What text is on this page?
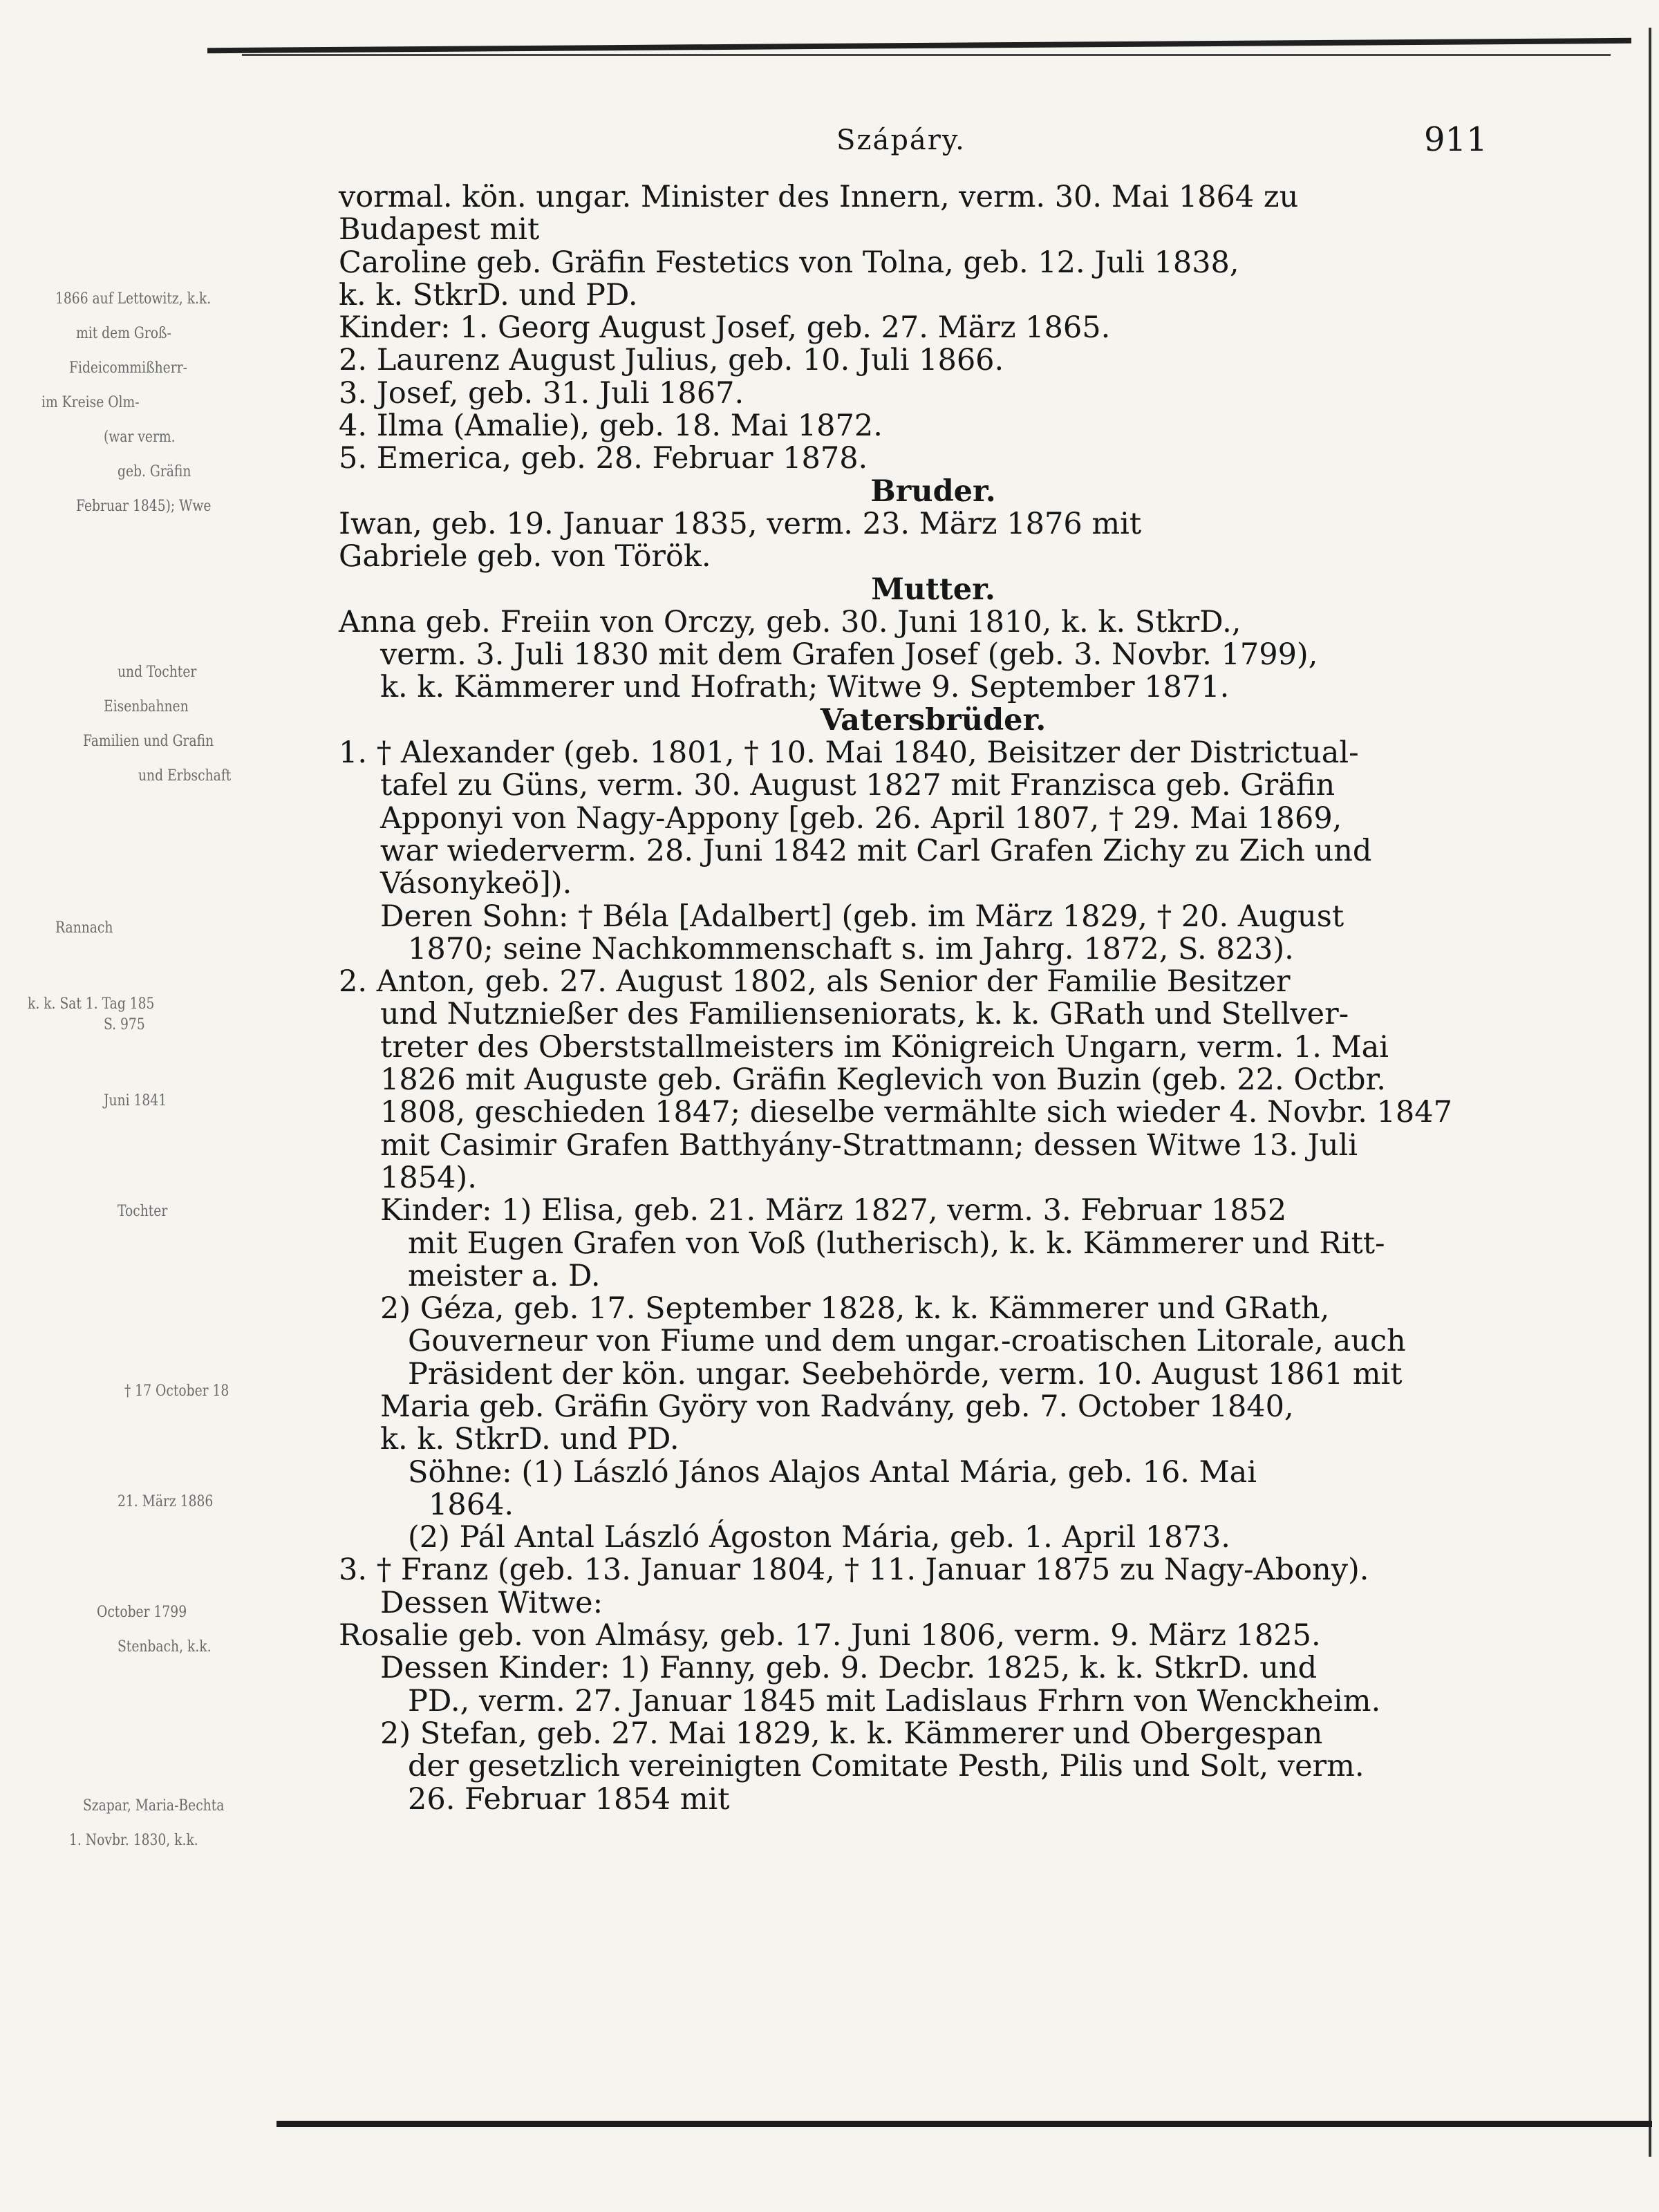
1866 auf Lettowitz, k.k.
mit dem Groß-
Fideicommißherr-
im Kreise Olm-
(war verm.
geb. Gräfin
Februar 1845); Wwe
und Tochter
Eisenbahnen
Familien und Grafin
und Erbschaft
Rannach
k. k. Sat 1. Tag 185
S. 975
Juni 1841
Tochter
† 17 October 18
21. März 1886
October 1799
Stenbach, k.k.
Szapar, Maria-Bechta
1. Novbr. 1830, k.k.
Szápáry.	911
vormal. kön. ungar. Minister des Innern, verm. 30. Mai 1864 zu
Budapest mit
Caroline geb. Gräfin Festetics von Tolna, geb. 12. Juli 1838,
k. k. StkrD. und PD.
Kinder: 1. Georg August Josef, geb. 27. März 1865.
2. Laurenz August Julius, geb. 10. Juli 1866.
3. Josef, geb. 31. Juli 1867.
4. Ilma (Amalie), geb. 18. Mai 1872.
5. Emerica, geb. 28. Februar 1878.
Bruder.
Iwan, geb. 19. Januar 1835, verm. 23. März 1876 mit
Gabriele geb. von Török.
Mutter.
Anna geb. Freiin von Orczy, geb. 30. Juni 1810, k. k. StkrD.,
verm. 3. Juli 1830 mit dem Grafen Josef (geb. 3. Novbr. 1799),
k. k. Kämmerer und Hofrath; Witwe 9. September 1871.
Vatersbrüder.
1. † Alexander (geb. 1801, † 10. Mai 1840, Beisitzer der Districtual-
tafel zu Güns, verm. 30. August 1827 mit Franzisca geb. Gräfin
Apponyi von Nagy-Appony [geb. 26. April 1807, † 29. Mai 1869,
war wiederverm. 28. Juni 1842 mit Carl Grafen Zichy zu Zich und
Vásonykeö]).
Deren Sohn: † Béla [Adalbert] (geb. im März 1829, † 20. August
1870; seine Nachkommenschaft s. im Jahrg. 1872, S. 823).
2. Anton, geb. 27. August 1802, als Senior der Familie Besitzer
und Nutznießer des Familienseniorats, k. k. GRath und Stellver-
treter des Oberststallmeisters im Königreich Ungarn, verm. 1. Mai
1826 mit Auguste geb. Gräfin Keglevich von Buzin (geb. 22. Octbr.
1808, geschieden 1847; dieselbe vermählte sich wieder 4. Novbr. 1847
mit Casimir Grafen Batthyány-Strattmann; dessen Witwe 13. Juli
1854).
Kinder: 1) Elisa, geb. 21. März 1827, verm. 3. Februar 1852
mit Eugen Grafen von Voß (lutherisch), k. k. Kämmerer und Ritt-
meister a. D.
2) Géza, geb. 17. September 1828, k. k. Kämmerer und GRath,
Gouverneur von Fiume und dem ungar.-croatischen Litorale, auch
Präsident der kön. ungar. Seebehörde, verm. 10. August 1861 mit
Maria geb. Gräfin Györy von Radvány, geb. 7. October 1840,
k. k. StkrD. und PD.
Söhne: (1) László János Alajos Antal Mária, geb. 16. Mai
1864.
(2) Pál Antal László Ágoston Mária, geb. 1. April 1873.
3. † Franz (geb. 13. Januar 1804, † 11. Januar 1875 zu Nagy-Abony).
Dessen Witwe:
Rosalie geb. von Almásy, geb. 17. Juni 1806, verm. 9. März 1825.
Dessen Kinder: 1) Fanny, geb. 9. Decbr. 1825, k. k. StkrD. und
PD., verm. 27. Januar 1845 mit Ladislaus Frhrn von Wenckheim.
2) Stefan, geb. 27. Mai 1829, k. k. Kämmerer und Obergespan
der gesetzlich vereinigten Comitate Pesth, Pilis und Solt, verm.
26. Februar 1854 mit
